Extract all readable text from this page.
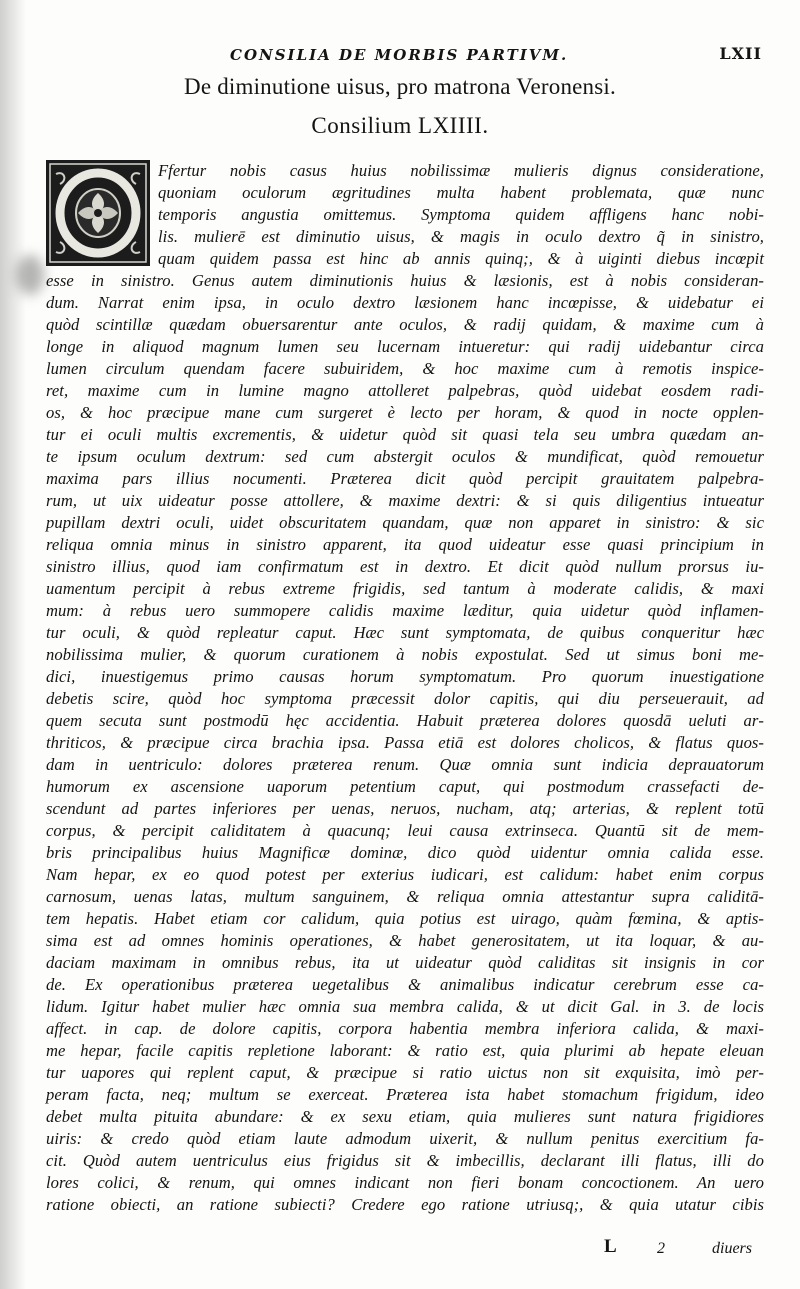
CONSILIA DE MORBIS PARTIVM.	LXII
De diminutione uisus, pro matrona Veronensi.
Consilium LXIIII.
Ffertur nobis casus huius nobilissimæ mulieris dignus consideratione,
quoniam oculorum ægritudines multa habent problemata, quæ nunc
temporis angustia omittemus. Symptoma quidem affligens hanc nobi‑
lis. mulierē est diminutio uisus, & magis in oculo dextro q̃ in sinistro,
quam quidem passa est hinc ab annis quinq;, & à uiginti diebus incœpit
esse in sinistro. Genus autem diminutionis huius & læsionis, est à nobis consideran‑
dum. Narrat enim ipsa, in oculo dextro læsionem hanc incœpisse, & uidebatur ei
quòd scintillæ quædam obuersarentur ante oculos, & radij quidam, & maxime cum à
longe in aliquod magnum lumen seu lucernam intueretur: qui radij uidebantur circa
lumen circulum quendam facere subuiridem, & hoc maxime cum à remotis inspice‑
ret, maxime cum in lumine magno attolleret palpebras, quòd uidebat eosdem radi‑
os, & hoc præcipue mane cum surgeret è lecto per horam, & quod in nocte opplen‑
tur ei oculi multis excrementis, & uidetur quòd sit quasi tela seu umbra quædam an‑
te ipsum oculum dextrum: sed cum abstergit oculos & mundificat, quòd remouetur
maxima pars illius nocumenti. Præterea dicit quòd percipit grauitatem palpebra‑
rum, ut uix uideatur posse attollere, & maxime dextri: & si quis diligentius intueatur
pupillam dextri oculi, uidet obscuritatem quandam, quæ non apparet in sinistro: & sic
reliqua omnia minus in sinistro apparent, ita quod uideatur esse quasi principium in
sinistro illius, quod iam confirmatum est in dextro. Et dicit quòd nullum prorsus iu‑
uamentum percipit à rebus extreme frigidis, sed tantum à moderate calidis, & maxi
mum: à rebus uero summopere calidis maxime læditur, quia uidetur quòd inflamen‑
tur oculi, & quòd repleatur caput. Hæc sunt symptomata, de quibus conqueritur hæc
nobilissima mulier, & quorum curationem à nobis expostulat. Sed ut simus boni me‑
dici, inuestigemus primo causas horum symptomatum. Pro quorum inuestigatione
debetis scire, quòd hoc symptoma præcessit dolor capitis, qui diu perseuerauit, ad
quem secuta sunt postmodū hęc accidentia. Habuit præterea dolores quosdā ueluti ar‑
thriticos, & præcipue circa brachia ipsa. Passa etiā est dolores cholicos, & flatus quos‑
dam in uentriculo: dolores præterea renum. Quæ omnia sunt indicia deprauatorum
humorum ex ascensione uaporum petentium caput, qui postmodum crassefacti de‑
scendunt ad partes inferiores per uenas, neruos, nucham, atq; arterias, & replent totū
corpus, & percipit caliditatem à quacunq; leui causa extrinseca. Quantū sit de mem‑
bris principalibus huius Magnificæ dominæ, dico quòd uidentur omnia calida esse.
Nam hepar, ex eo quod potest per exterius iudicari, est calidum: habet enim corpus
carnosum, uenas latas, multum sanguinem, & reliqua omnia attestantur supra caliditā‑
tem hepatis. Habet etiam cor calidum, quia potius est uirago, quàm fœmina, & aptis‑
sima est ad omnes hominis operationes, & habet generositatem, ut ita loquar, & au‑
daciam maximam in omnibus rebus, ita ut uideatur quòd caliditas sit insignis in cor
de. Ex operationibus præterea uegetalibus & animalibus indicatur cerebrum esse ca‑
lidum. Igitur habet mulier hæc omnia sua membra calida, & ut dicit Gal. in 3. de locis
affect. in cap. de dolore capitis, corpora habentia membra inferiora calida, & maxi‑
me hepar, facile capitis repletione laborant: & ratio est, quia plurimi ab hepate eleuan
tur uapores qui replent caput, & præcipue si ratio uictus non sit exquisita, imò per‑
peram facta, neq; multum se exerceat. Præterea ista habet stomachum frigidum, ideo
debet multa pituita abundare: & ex sexu etiam, quia mulieres sunt natura frigidiores
uiris: & credo quòd etiam laute admodum uixerit, & nullum penitus exercitium fa‑
cit. Quòd autem uentriculus eius frigidus sit & imbecillis, declarant illi flatus, illi do
lores colici, & renum, qui omnes indicant non fieri bonam concoctionem. An uero
ratione obiecti, an ratione subiecti? Credere ego ratione utriusq;, & quia utatur cibis
L	2	diuers
